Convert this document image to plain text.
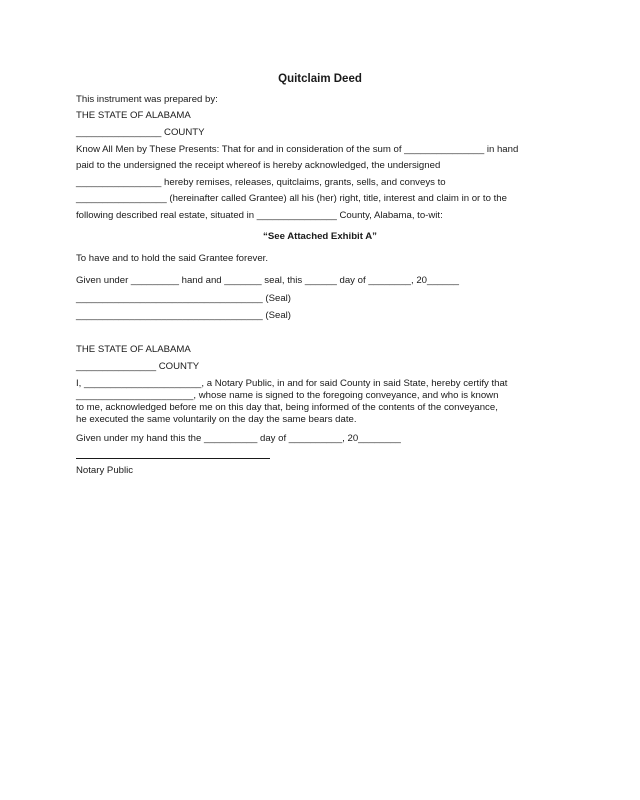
Quitclaim Deed

This instrument was prepared by:

THE STATE OF ALABAMA

________________ COUNTY

Know All Men by These Presents: That for and in consideration of the sum of _______________ in hand

paid to the undersigned the receipt whereof is hereby acknowledged, the undersigned

________________ hereby remises, releases, quitclaims, grants, sells, and conveys to

_________________ (hereinafter called Grantee) all his (her) right, title, interest and claim in or to the

following described real estate, situated in _______________ County, Alabama, to-wit:

“See Attached Exhibit A”

To have and to hold the said Grantee forever.

Given under _________ hand and _______ seal, this ______ day of ________, 20______

___________________________________ (Seal)

___________________________________ (Seal)

THE STATE OF ALABAMA

_______________ COUNTY

I, ______________________, a Notary Public, in and for said County in said State, hereby certify that

______________________, whose name is signed to the foregoing conveyance, and who is known

to me, acknowledged before me on this day that, being informed of the contents of the conveyance,

he executed the same voluntarily on the day the same bears date.

Given under my hand this the __________ day of __________, 20________

Notary Public
